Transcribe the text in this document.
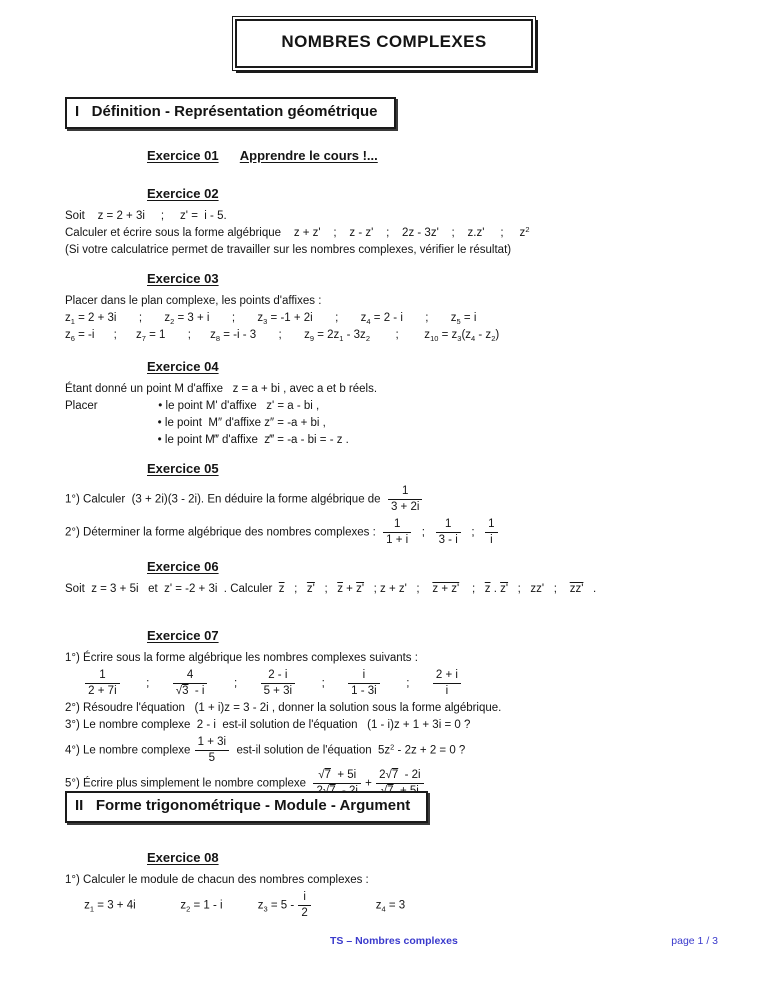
NOMBRES COMPLEXES
I   Définition - Représentation géométrique
Exercice 01 Apprendre le cours !...
Exercice 02
Soit    z = 2 + 3i     ;     z' =  i - 5.
Calculer et écrire sous la forme algébrique    z + z'    ;    z - z'    ;    2z - 3z'    ;    z.z'     ;     $z^2$
(Si votre calculatrice permet de travailler sur les nombres complexes, vérifier le résultat)
Exercice 03
Placer dans le plan complexe, les points d'affixes :
$z_1 = 2 + 3i$       ;       $z_2 = 3 + i$       ;       $z_3 = -1 + 2i$       ;       $z_4 = 2 - i$       ;       $z_5 = i$
$z_6 = -i$      ;      $z_7 = 1$       ;      $z_8 = -i - 3$       ;       $z_9 = 2z_1 - 3z_2$        ;        $z_{10} = z_3(z_4 - z_2)$
Exercice 04
Étant donné un point M d'affixe   z = a + bi , avec a et b réels.
Placer                   • le point M' d'affixe   z' = a - bi ,
• le point  M″ d'affixe z″ = -a + bi ,
• le point M‴ d'affixe  z‴ = -a - bi = - z .
Exercice 05
1°) Calculer  (3 + 2i)(3 - 2i). En déduire la forme algébrique de $\frac{1}{3 + 2i}$
2°) Déterminer la forme algébrique des nombres complexes : $\frac{1}{1 + i}$ ; $\frac{1}{3 - i}$ ; $\frac{1}{i}$
Exercice 06
Soit  z = 3 + 5i   et  z' = -2 + 3i  . Calculer  $\overline{z}$   ;   z'   ;   $\overline{z} + z'$   ; z + z'   ;    z + z'    ;   $\overline{z}$ . z'   ;   zz'   ;    zz'   .
Exercice 07
1°) Écrire sous la forme algébrique les nombres complexes suivants :

$\frac{1}{2 + 7i}$ ; $\frac{4}{√3 - i}$ ; $\frac{2 - i}{5 + 3i}$ ; $\frac{i}{1 - 3i}$ ; $\frac{2 + i}{i}$
2°) Résoudre l'équation   (1 + i)z = 3 - 2i , donner la solution sous la forme algébrique.
3°) Le nombre complexe  2 - i  est-il solution de l'équation   (1 - i)z + 1 + 3i = 0 ?
4°) Le nombre complexe $\frac{1 + 3i}{5} est-il$ solution de l'équation  $5z^2 - 2z + 2 = 0$ ?
5°) Écrire plus simplement le nombre complexe
√7  + 5i
+
2√7  - 2i
II   Forme trigonométrique - Module - Argument
Exercice 08
1°) Calculer le module de chacun des nombres complexes :
$z_1 = 3 + 4i$              $z_2 = 1 - i$           $z_3 = 5 - \frac{i}{2} z_4 = 3$
TS – Nombres complexes	page 1 / 3
